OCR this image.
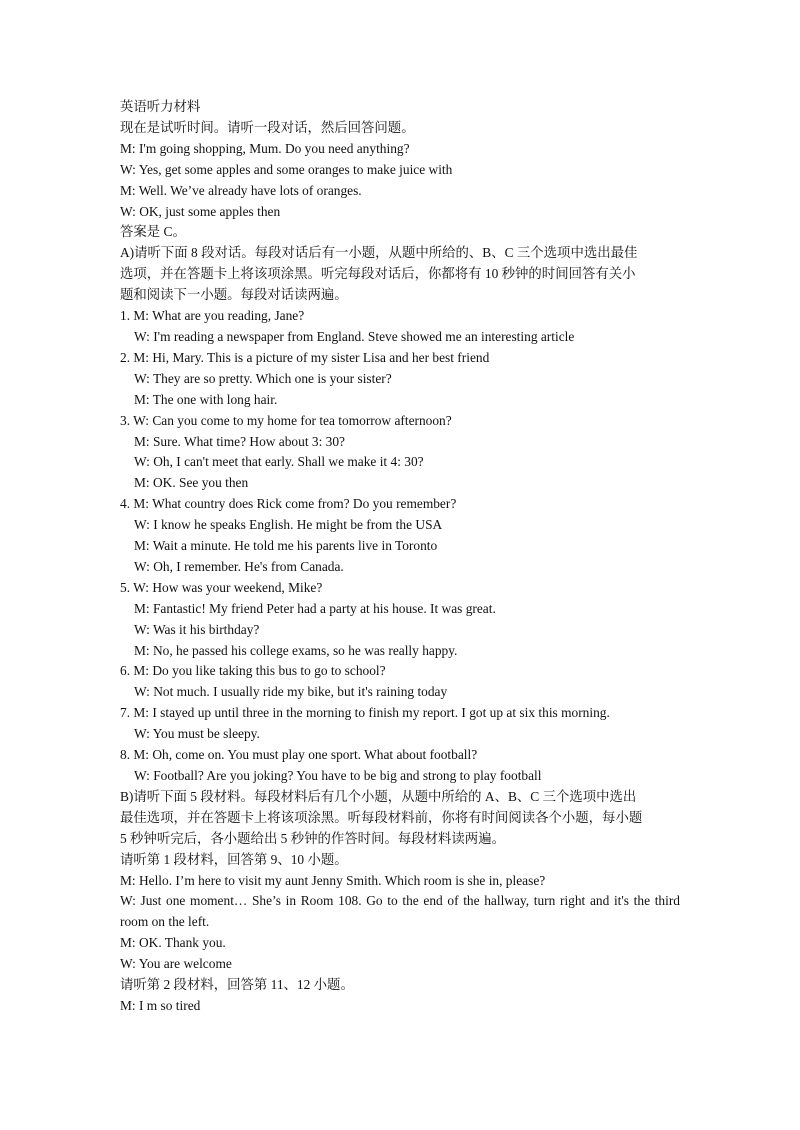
英语听力材料
现在是试听时间。请听一段对话，然后回答问题。
M: I'm going shopping, Mum. Do you need anything?
W: Yes, get some apples and some oranges to make juice with
M: Well. We’ve already have lots of oranges.
W: OK, just some apples then
答案是 C。
A)请听下面 8 段对话。每段对话后有一小题，从题中所给的、B、C 三个选项中选出最佳
选项，并在答题卡上将该项涂黑。听完每段对话后，你都将有 10 秒钟的时间回答有关小
题和阅读下一小题。每段对话读两遍。
1. M: What are you reading, Jane?
W: I'm reading a newspaper from England. Steve showed me an interesting article
2. M: Hi, Mary. This is a picture of my sister Lisa and her best friend
W: They are so pretty. Which one is your sister?
M: The one with long hair.
3. W: Can you come to my home for tea tomorrow afternoon?
M: Sure. What time? How about 3: 30?
W: Oh, I can't meet that early. Shall we make it 4: 30?
M: OK. See you then
4. M: What country does Rick come from? Do you remember?
W: I know he speaks English. He might be from the USA
M: Wait a minute. He told me his parents live in Toronto
W: Oh, I remember. He's from Canada.
5. W: How was your weekend, Mike?
M: Fantastic! My friend Peter had a party at his house. It was great.
W: Was it his birthday?
M: No, he passed his college exams, so he was really happy.
6. M: Do you like taking this bus to go to school?
W: Not much. I usually ride my bike, but it's raining today
7. M: I stayed up until three in the morning to finish my report. I got up at six this morning.
W: You must be sleepy.
8. M: Oh, come on. You must play one sport. What about football?
W: Football? Are you joking? You have to be big and strong to play football
B)请听下面 5 段材料。每段材料后有几个小题，从题中所给的 A、B、C 三个选项中选出
最佳选项，并在答题卡上将该项涂黑。听每段材料前，你将有时间阅读各个小题，每小题
5 秒钟听完后，各小题给出 5 秒钟的作答时间。每段材料读两遍。
请听第 1 段材料，回答第 9、10 小题。
M: Hello. I’m here to visit my aunt Jenny Smith. Which room is she in, please?
W: Just one moment… She’s in Room 108. Go to the end of the hallway, turn right and it's the third room on the left.
M: OK. Thank you.
W: You are welcome
请听第 2 段材料，回答第 11、12 小题。
M: I m so tired
